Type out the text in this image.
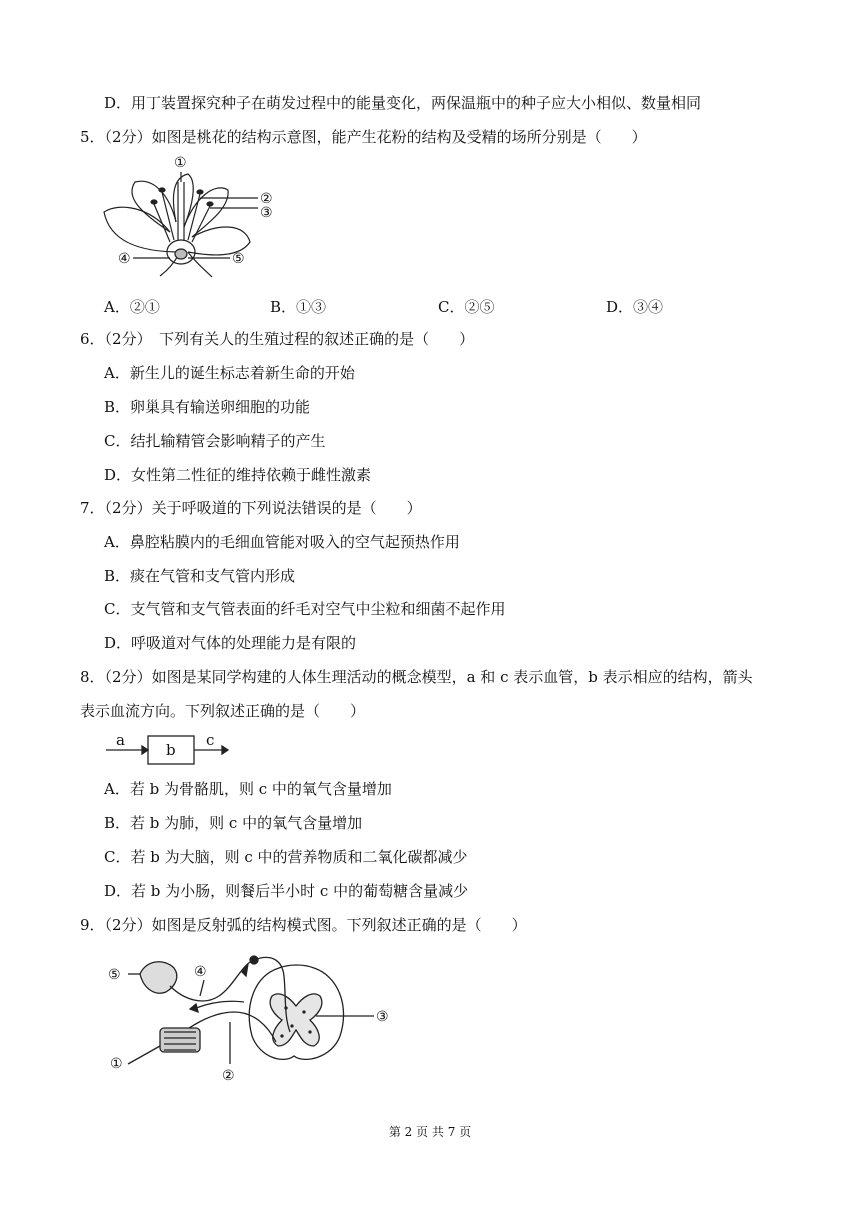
D．用丁装置探究种子在萌发过程中的能量变化，两保温瓶中的种子应大小相似、数量相同
5．（2分）如图是桃花的结构示意图，能产生花粉的结构及受精的场所分别是（　　）
①
②
③
④	⑤
A．②①	B．①③	C．②⑤	D．③④
6．（2分）　下列有关人的生殖过程的叙述正确的是（　　）
A．新生儿的诞生标志着新生命的开始
B．卵巢具有输送卵细胞的功能
C．结扎输精管会影响精子的产生
D．女性第二性征的维持依赖于雌性激素
7．（2分）关于呼吸道的下列说法错误的是（　　）
A．鼻腔粘膜内的毛细血管能对吸入的空气起预热作用
B．痰在气管和支气管内形成
C．支气管和支气管表面的纤毛对空气中尘粒和细菌不起作用
D．呼吸道对气体的处理能力是有限的
8．（2分）如图是某同学构建的人体生理活动的概念模型，a 和 c 表示血管，b 表示相应的结构，箭头
表示血流方向。下列叙述正确的是（　　）
a
b
c
A．若 b 为骨骼肌，则 c 中的氧气含量增加
B．若 b 为肺，则 c 中的氧气含量增加
C．若 b 为大脑，则 c 中的营养物质和二氧化碳都减少
D．若 b 为小肠，则餐后半小时 c 中的葡萄糖含量减少
9．（2分）如图是反射弧的结构模式图。下列叙述正确的是（　　）
⑤	④
③
①
②
第 2 页 共 7 页
